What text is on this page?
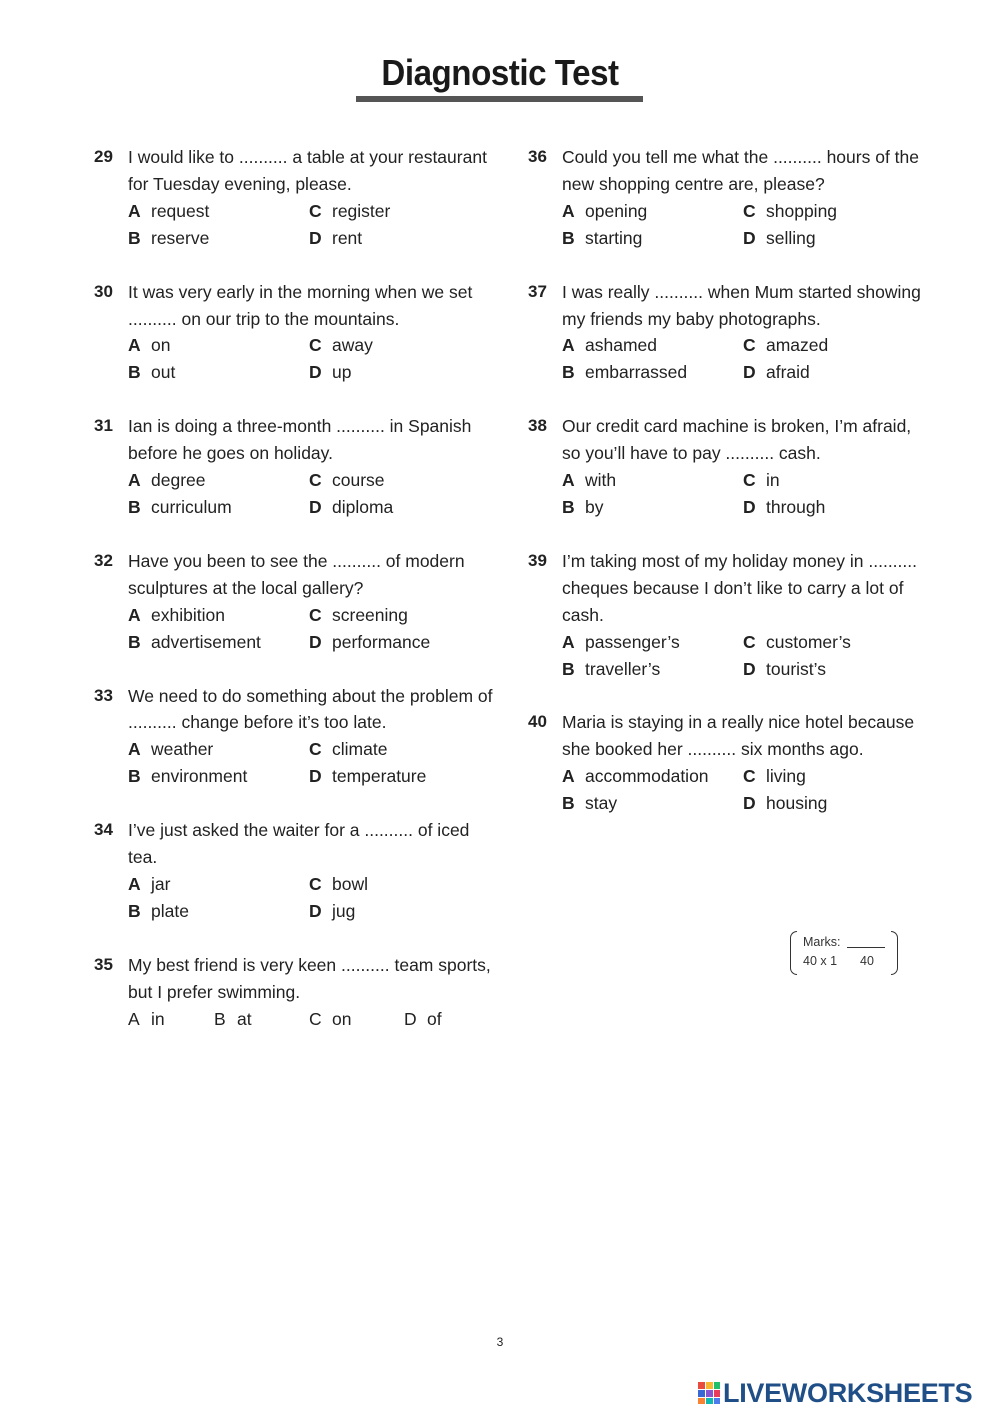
Diagnostic Test
29 I would like to .......... a table at your restaurant for Tuesday evening, please.
A request	C register
B reserve	D rent
30 It was very early in the morning when we set .......... on our trip to the mountains.
A on	C away
B out	D up
31 Ian is doing a three-month .......... in Spanish before he goes on holiday.
A degree	C course
B curriculum	D diploma
32 Have you been to see the .......... of modern sculptures at the local gallery?
A exhibition	C screening
B advertisement	D performance
33 We need to do something about the problem of .......... change before it’s too late.
A weather	C climate
B environment	D temperature
34 I’ve just asked the waiter for a .......... of iced tea.
A jar	C bowl
B plate	D jug
35 My best friend is very keen .......... team sports, but I prefer swimming.
A in	B at	C on	D of
36 Could you tell me what the .......... hours of the new shopping centre are, please?
A opening	C shopping
B starting	D selling
37 I was really .......... when Mum started showing my friends my baby photographs.
A ashamed	C amazed
B embarrassed	D afraid
38 Our credit card machine is broken, I’m afraid, so you’ll have to pay .......... cash.
A with	C in
B by	D through
39 I’m taking most of my holiday money in .......... cheques because I don’t like to carry a lot of cash.
A passenger’s	C customer’s
B traveller’s	D tourist’s
40 Maria is staying in a really nice hotel because she booked her .......... six months ago.
A accommodation	C living
B stay	D housing
Marks:
40 x 1 40
3
LIVEWORKSHEETS
